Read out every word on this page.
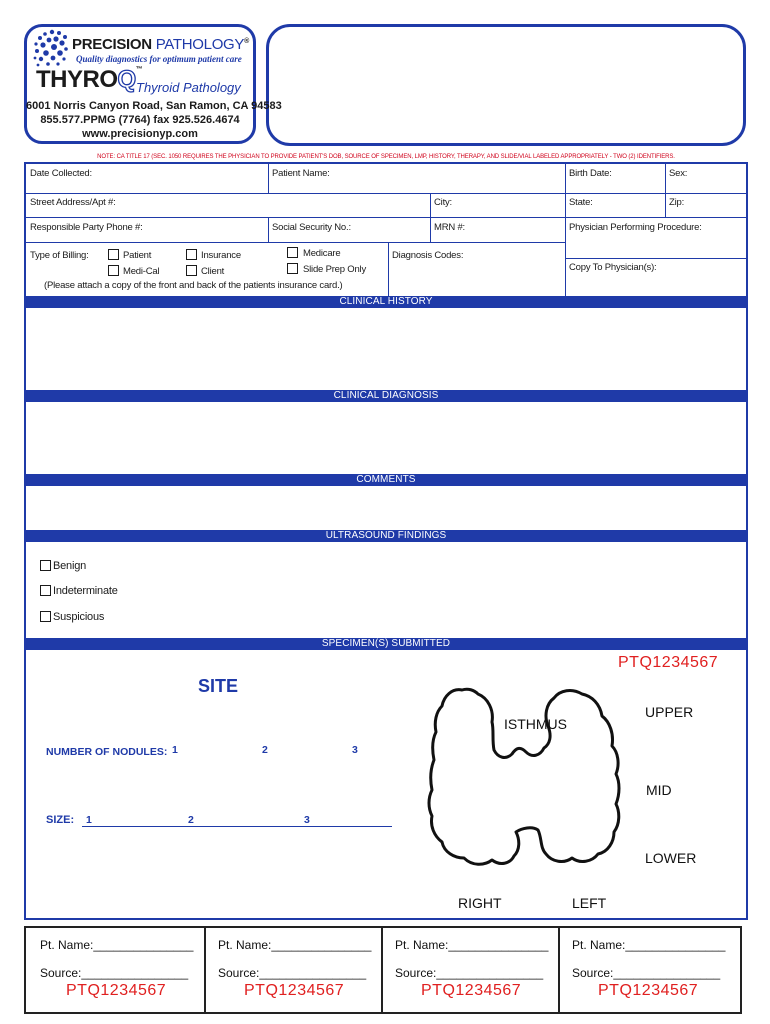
PRECISION PATHOLOGY®
Quality diagnostics for optimum patient care
THYROQ™
Thyroid Pathology
6001 Norris Canyon Road, San Ramon, CA 94583
855.577.PPMG (7764) fax 925.526.4674
www.precisionyp.com
NOTE: CA TITLE 17 (SEC. 1050 REQUIRES THE PHYSICIAN TO PROVIDE PATIENT'S DOB, SOURCE OF SPECIMEN, LMP, HISTORY, THERAPY, AND SLIDE/VIAL LABELED APPROPRIATELY - TWO (2) IDENTIFIERS.
Date Collected:	Patient Name:	Birth Date:	Sex:
Street Address/Apt #:	City:	State:	Zip:
Responsible Party Phone #:	Social Security No.:	MRN #:	Physician Performing Procedure:
Type of Billing:	Patient	Insurance	Medicare
Medi-Cal	Client	Slide Prep Only
(Please attach a copy of the front and back of the patients insurance card.)
Diagnosis Codes:
Copy To Physician(s):
CLINICAL HISTORY
CLINICAL DIAGNOSIS
COMMENTS
ULTRASOUND FINDINGS
Benign
Indeterminate
Suspicious
SPECIMEN(S) SUBMITTED
PTQ1234567
SITE
NUMBER OF NODULES: 1	2	3
SIZE: 1	2	3
ISTHMUS
UPPER
MID
LOWER
RIGHT	LEFT
Pt. Name:_______________
Source:________________
PTQ1234567
Pt. Name:_______________
Source:________________
PTQ1234567
Pt. Name:_______________
Source:________________
PTQ1234567
Pt. Name:_______________
Source:________________
PTQ1234567
